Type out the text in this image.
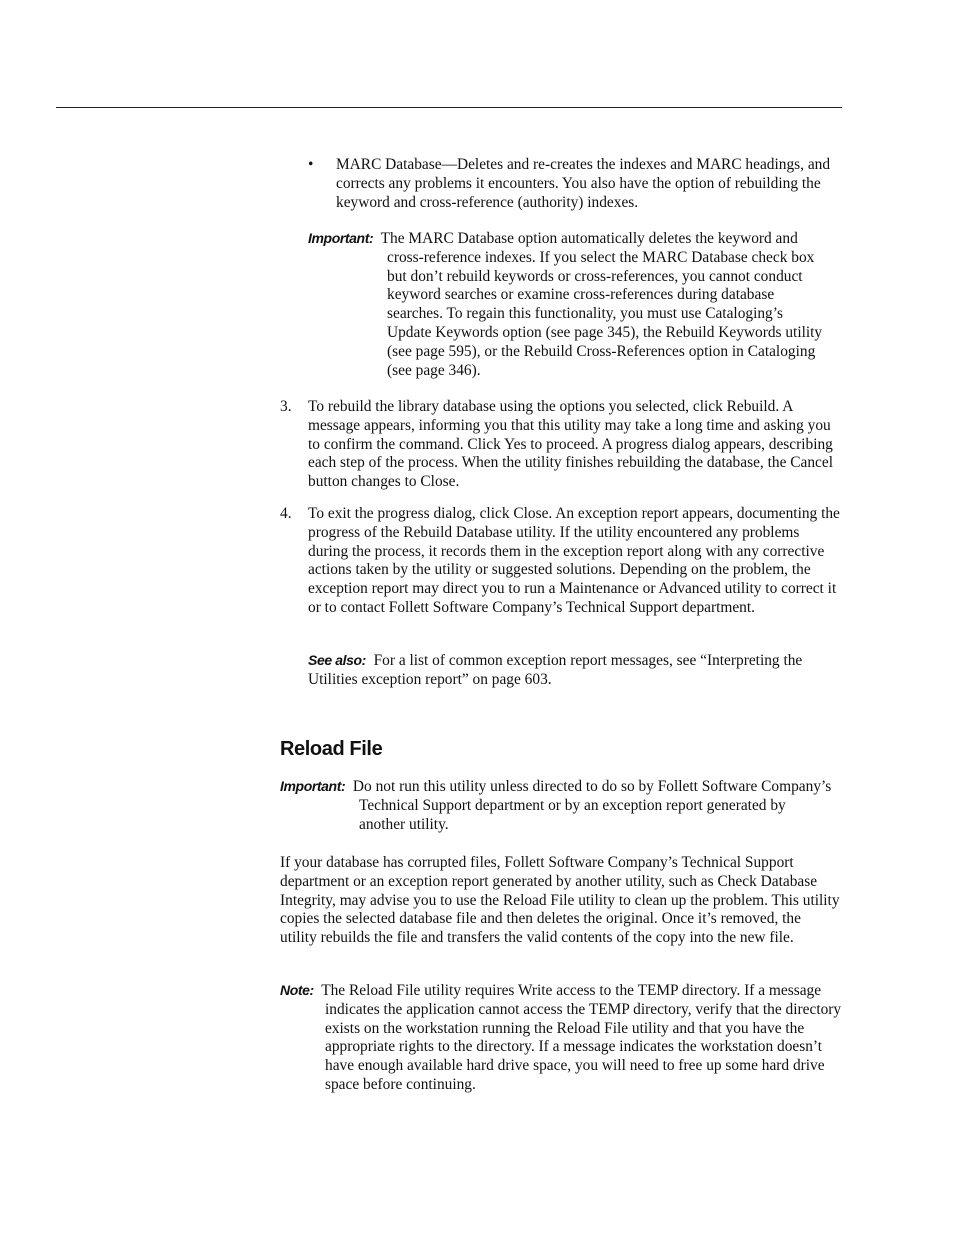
• MARC Database—Deletes and re-creates the indexes and MARC headings, and corrects any problems it encounters. You also have the option of rebuilding the keyword and cross-reference (authority) indexes.

Important: The MARC Database option automatically deletes the keyword and cross-reference indexes. If you select the MARC Database check box but don’t rebuild keywords or cross-references, you cannot conduct keyword searches or examine cross-references during database searches. To regain this functionality, you must use Cataloging’s Update Keywords option (see page 345), the Rebuild Keywords utility (see page 595), or the Rebuild Cross-References option in Cataloging (see page 346).

3. To rebuild the library database using the options you selected, click Rebuild. A message appears, informing you that this utility may take a long time and asking you to confirm the command. Click Yes to proceed. A progress dialog appears, describing each step of the process. When the utility finishes rebuilding the database, the Cancel button changes to Close.

4. To exit the progress dialog, click Close. An exception report appears, documenting the progress of the Rebuild Database utility. If the utility encountered any problems during the process, it records them in the exception report along with any corrective actions taken by the utility or suggested solutions. Depending on the problem, the exception report may direct you to run a Maintenance or Advanced utility to correct it or to contact Follett Software Company’s Technical Support department.

See also: For a list of common exception report messages, see “Interpreting the Utilities exception report” on page 603.

Reload File

Important: Do not run this utility unless directed to do so by Follett Software Company’s Technical Support department or by an exception report generated by another utility.

If your database has corrupted files, Follett Software Company’s Technical Support department or an exception report generated by another utility, such as Check Database Integrity, may advise you to use the Reload File utility to clean up the problem. This utility copies the selected database file and then deletes the original. Once it’s removed, the utility rebuilds the file and transfers the valid contents of the copy into the new file.

Note: The Reload File utility requires Write access to the TEMP directory. If a message indicates the application cannot access the TEMP directory, verify that the directory exists on the workstation running the Reload File utility and that you have the appropriate rights to the directory. If a message indicates the workstation doesn’t have enough available hard drive space, you will need to free up some hard drive space before continuing.
